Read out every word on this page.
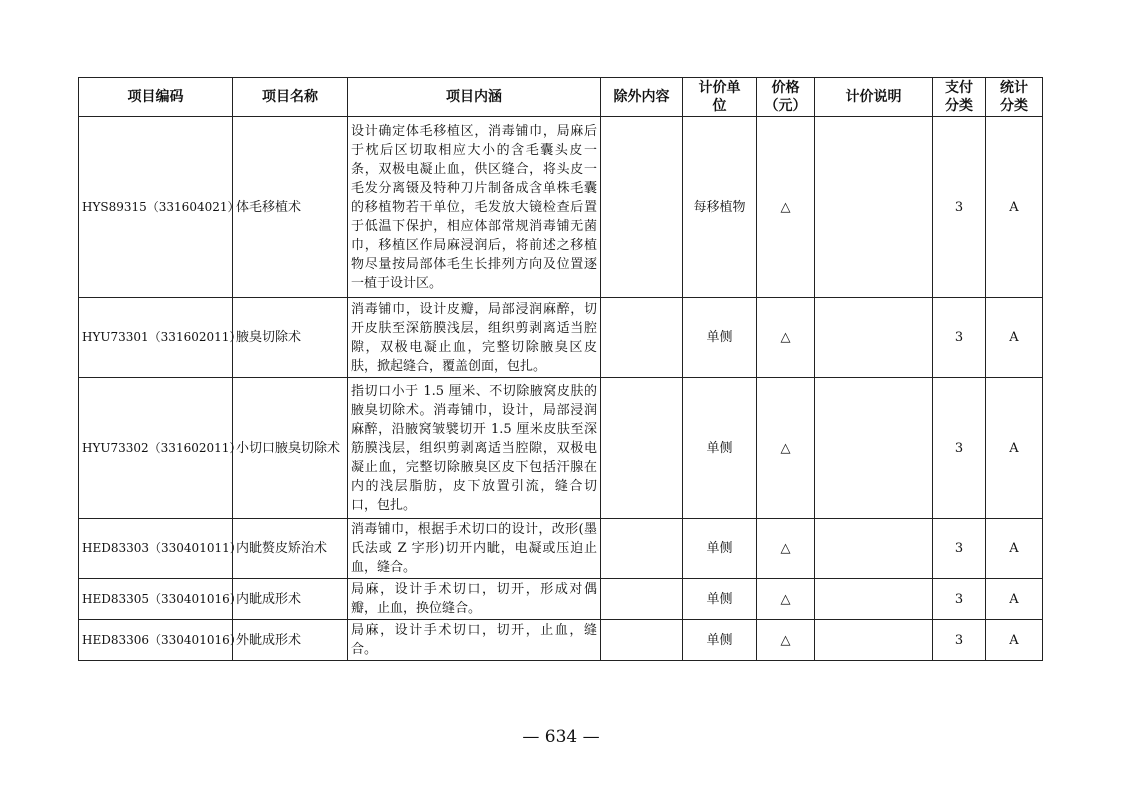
项目编码	项目名称	项目内涵	除外内容	计价单位	价格（元）	计价说明	支付分类	统计分类
HYS89315（331604021）	体毛移植术	设计确定体毛移植区，消毒铺巾，局麻后于枕后区切取相应大小的含毛囊头皮一条，双极电凝止血，供区缝合，将头皮一毛发分离镊及特种刀片制备成含单株毛囊的移植物若干单位，毛发放大镜检查后置于低温下保护，相应体部常规消毒铺无菌巾，移植区作局麻浸润后，将前述之移植物尽量按局部体毛生长排列方向及位置逐一植于设计区。		每移植物	△		3	A
HYU73301（331602011）	腋臭切除术	消毒铺巾，设计皮瓣，局部浸润麻醉，切开皮肤至深筋膜浅层，组织剪剥离适当腔隙，双极电凝止血，完整切除腋臭区皮肤，掀起缝合，覆盖创面，包扎。		单侧	△		3	A
HYU73302（331602011）	小切口腋臭切除术	指切口小于 1.5 厘米、不切除腋窝皮肤的腋臭切除术。消毒铺巾，设计，局部浸润麻醉，沿腋窝皱襞切开 1.5 厘米皮肤至深筋膜浅层，组织剪剥离适当腔隙，双极电凝止血，完整切除腋臭区皮下包括汗腺在内的浅层脂肪，皮下放置引流，缝合切口，包扎。		单侧	△		3	A
HED83303（330401011）	内眦赘皮矫治术	消毒铺巾，根据手术切口的设计，改形(墨氏法或 Z 字形)切开内眦，电凝或压迫止血，缝合。		单侧	△		3	A
HED83305（330401016）	内眦成形术	局麻，设计手术切口，切开，形成对偶瓣，止血，换位缝合。		单侧	△		3	A
HED83306（330401016）	外眦成形术	局麻，设计手术切口，切开，止血，缝合。		单侧	△		3	A
— 634 —
